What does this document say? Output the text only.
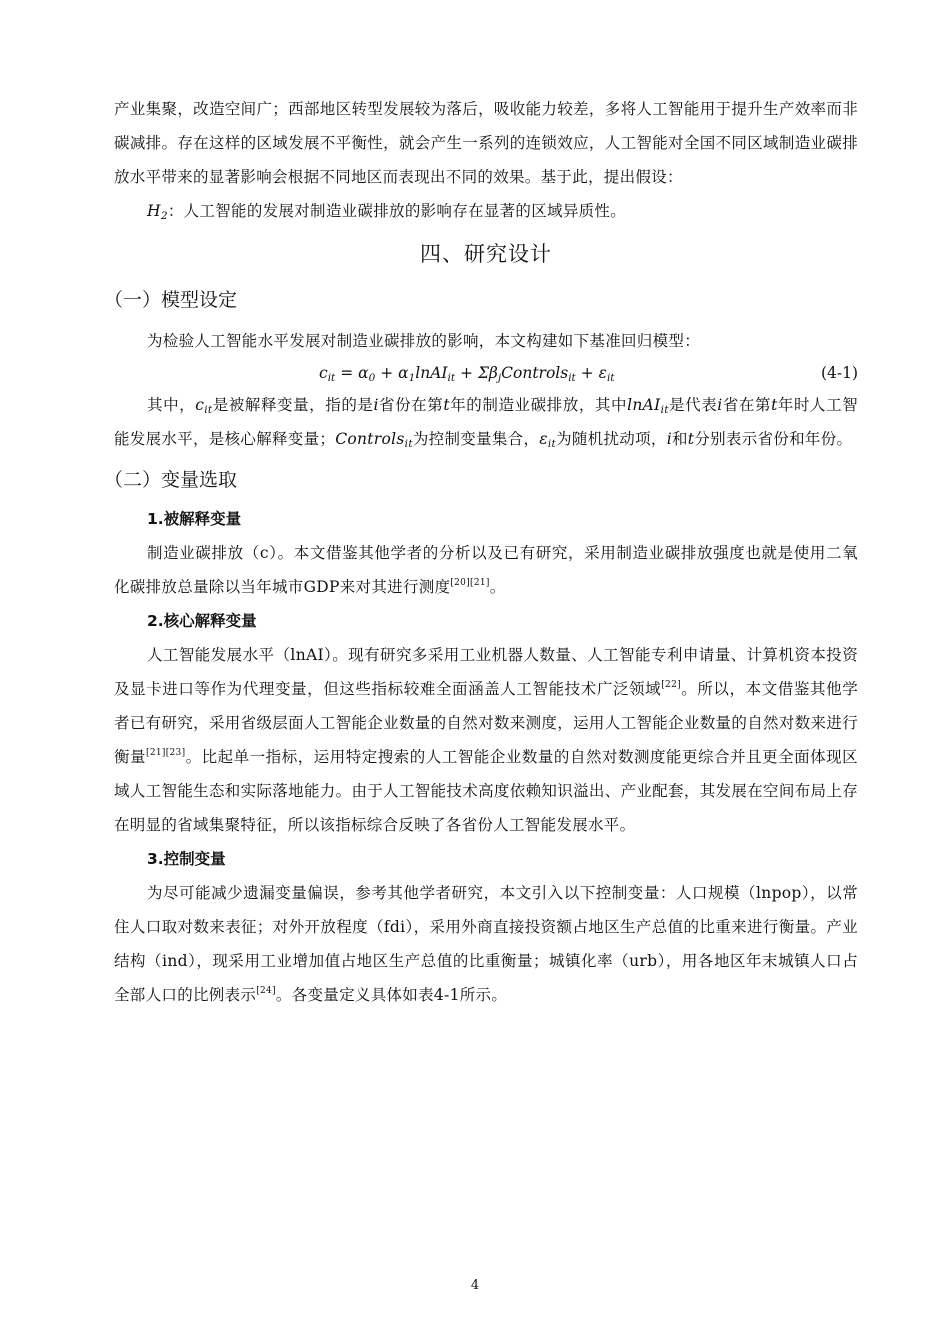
产业集聚，改造空间广；西部地区转型发展较为落后，吸收能力较差，多将人工智能用于提升生产效率而非碳减排。存在这样的区域发展不平衡性，就会产生一系列的连锁效应，人工智能对全国不同区域制造业碳排放水平带来的显著影响会根据不同地区而表现出不同的效果。基于此，提出假设：

$H_2$：人工智能的发展对制造业碳排放的影响存在显著的区域异质性。

四、研究设计
（一）模型设定

为检验人工智能水平发展对制造业碳排放的影响，本文构建如下基准回归模型：

$c_{it} = \alpha_0$ + $\alpha_1lnAI_{it}$ + $\Sigma\beta_jControls_{it} + \varepsilon_{it}$	(4-1)

其中，$c_{it}$是被解释变量，指的是i省份在第t年的制造业碳排放，其中lnAI$_{it}$是代表i省在第t年时人工智能发展水平，是核心解释变量；Controls$_{it}$为控制变量集合，$\varepsilon_{it}$为随机扰动项，i和t分别表示省份和年份。

（二）变量选取
1.被解释变量

制造业碳排放（c）。本文借鉴其他学者的分析以及已有研究，采用制造业碳排放强度也就是使用二氧化碳排放总量除以当年城市GDP来对其进行测度[20][21]。

2.核心解释变量

人工智能发展水平（lnAI）。现有研究多采用工业机器人数量、人工智能专利申请量、计算机资本投资及显卡进口等作为代理变量，但这些指标较难全面涵盖人工智能技术广泛领域[22]。所以，本文借鉴其他学者已有研究，采用省级层面人工智能企业数量的自然对数来测度，运用人工智能企业数量的自然对数来进行衡量[21][23]。比起单一指标，运用特定搜索的人工智能企业数量的自然对数测度能更综合并且更全面体现区域人工智能生态和实际落地能力。由于人工智能技术高度依赖知识溢出、产业配套，其发展在空间布局上存在明显的省域集聚特征，所以该指标综合反映了各省份人工智能发展水平。

3.控制变量

为尽可能减少遗漏变量偏误，参考其他学者研究，本文引入以下控制变量：人口规模（lnpop），以常住人口取对数来表征；对外开放程度（fdi），采用外商直接投资额占地区生产总值的比重来进行衡量。产业结构（ind），现采用工业增加值占地区生产总值的比重衡量；城镇化率（urb），用各地区年末城镇人口占全部人口的比例表示[24]。各变量定义具体如表4-1所示。

4
